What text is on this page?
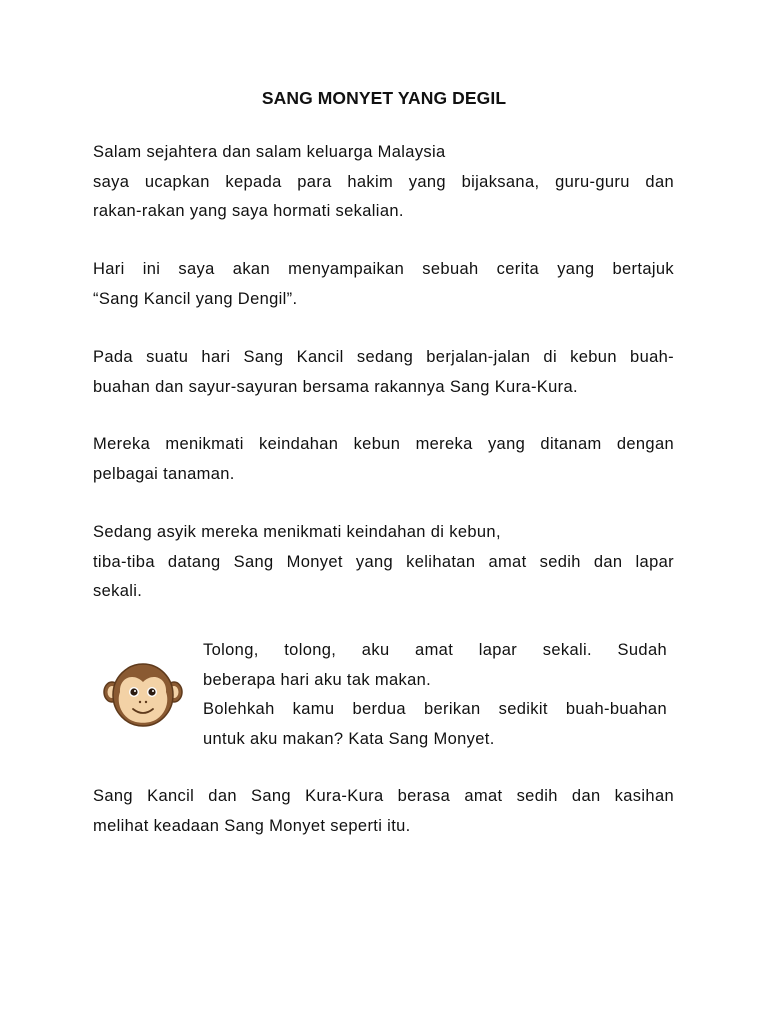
SANG MONYET YANG DEGIL
Salam sejahtera dan salam keluarga Malaysia
saya ucapkan kepada para hakim yang bijaksana, guru-guru dan
rakan-rakan yang saya hormati sekalian.
Hari ini saya akan menyampaikan sebuah cerita yang bertajuk
“Sang Kancil yang Dengil”.
Pada suatu hari Sang Kancil sedang berjalan-jalan di kebun buah-
buahan dan sayur-sayuran bersama rakannya Sang Kura-Kura.
Mereka menikmati keindahan kebun mereka yang ditanam dengan
pelbagai tanaman.
Sedang asyik mereka menikmati keindahan di kebun,
tiba-tiba datang Sang Monyet yang kelihatan amat sedih dan lapar
sekali.
Tolong, tolong, aku amat lapar sekali. Sudah
beberapa hari aku tak makan.
Bolehkah kamu berdua berikan sedikit buah-buahan
untuk aku makan? Kata Sang Monyet.
Sang Kancil dan Sang Kura-Kura berasa amat sedih dan kasihan
melihat keadaan Sang Monyet seperti itu.
